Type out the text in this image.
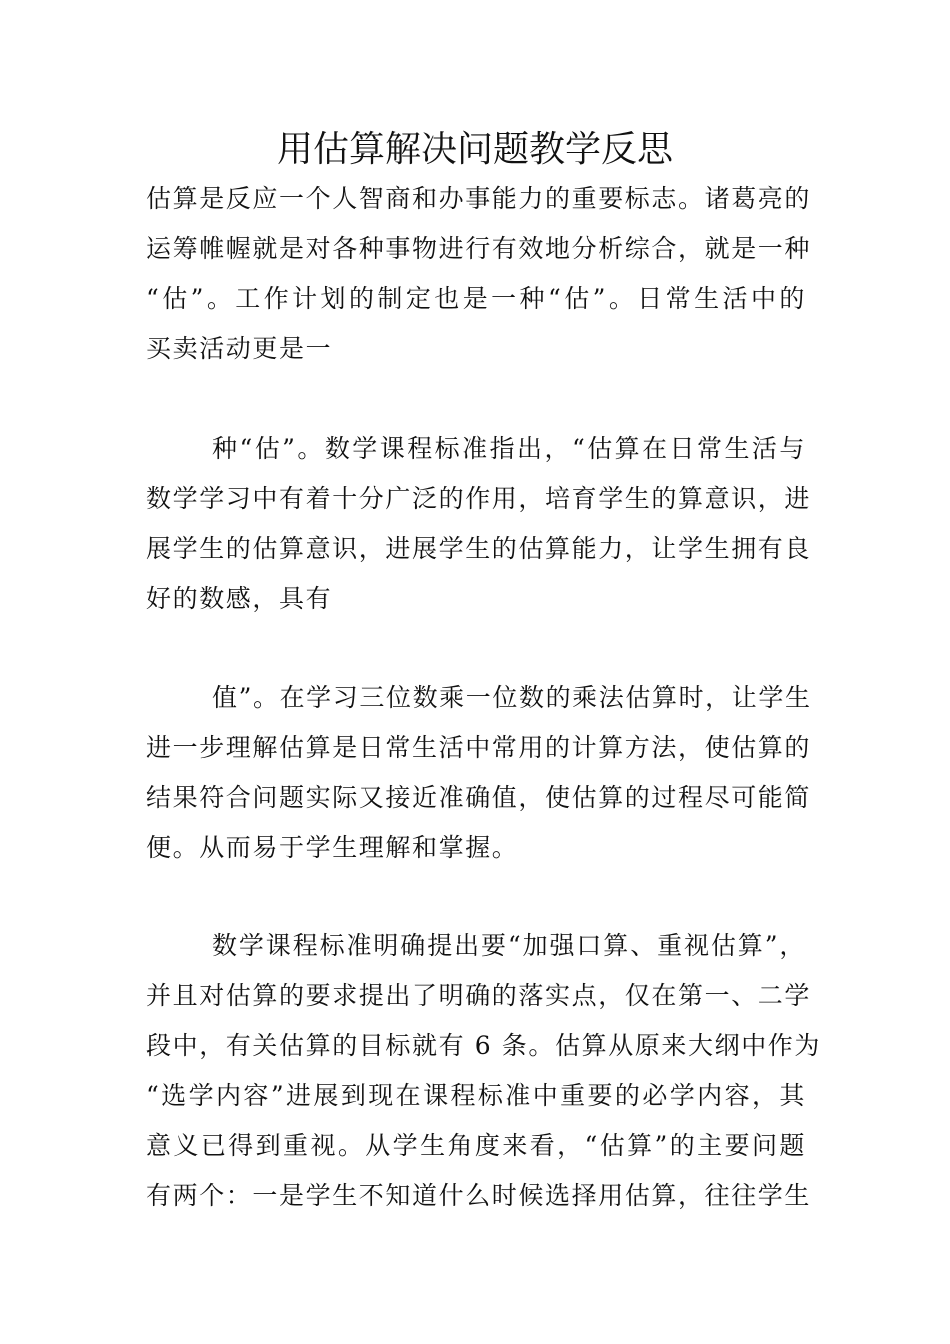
用估算解决问题教学反思
估算是反应一个人智商和办事能力的重要标志。诸葛亮的
运筹帷幄就是对各种事物进行有效地分析综合，就是一种
“估”。工作计划的制定也是一种“估”。日常生活中的
买卖活动更是一
种“估”。数学课程标准指出，“估算在日常生活与
数学学习中有着十分广泛的作用，培育学生的算意识，进
展学生的估算意识，进展学生的估算能力，让学生拥有良
好的数感，具有
值”。在学习三位数乘一位数的乘法估算时，让学生
进一步理解估算是日常生活中常用的计算方法，使估算的
结果符合问题实际又接近准确值，使估算的过程尽可能简
便。从而易于学生理解和掌握。
数学课程标准明确提出要“加强口算、重视估算”，
并且对估算的要求提出了明确的落实点，仅在第一、二学
段中，有关估算的目标就有 6 条。估算从原来大纲中作为
“选学内容”进展到现在课程标准中重要的必学内容，其
意义已得到重视。从学生角度来看，“估算”的主要问题
有两个：一是学生不知道什么时候选择用估算，往往学生
